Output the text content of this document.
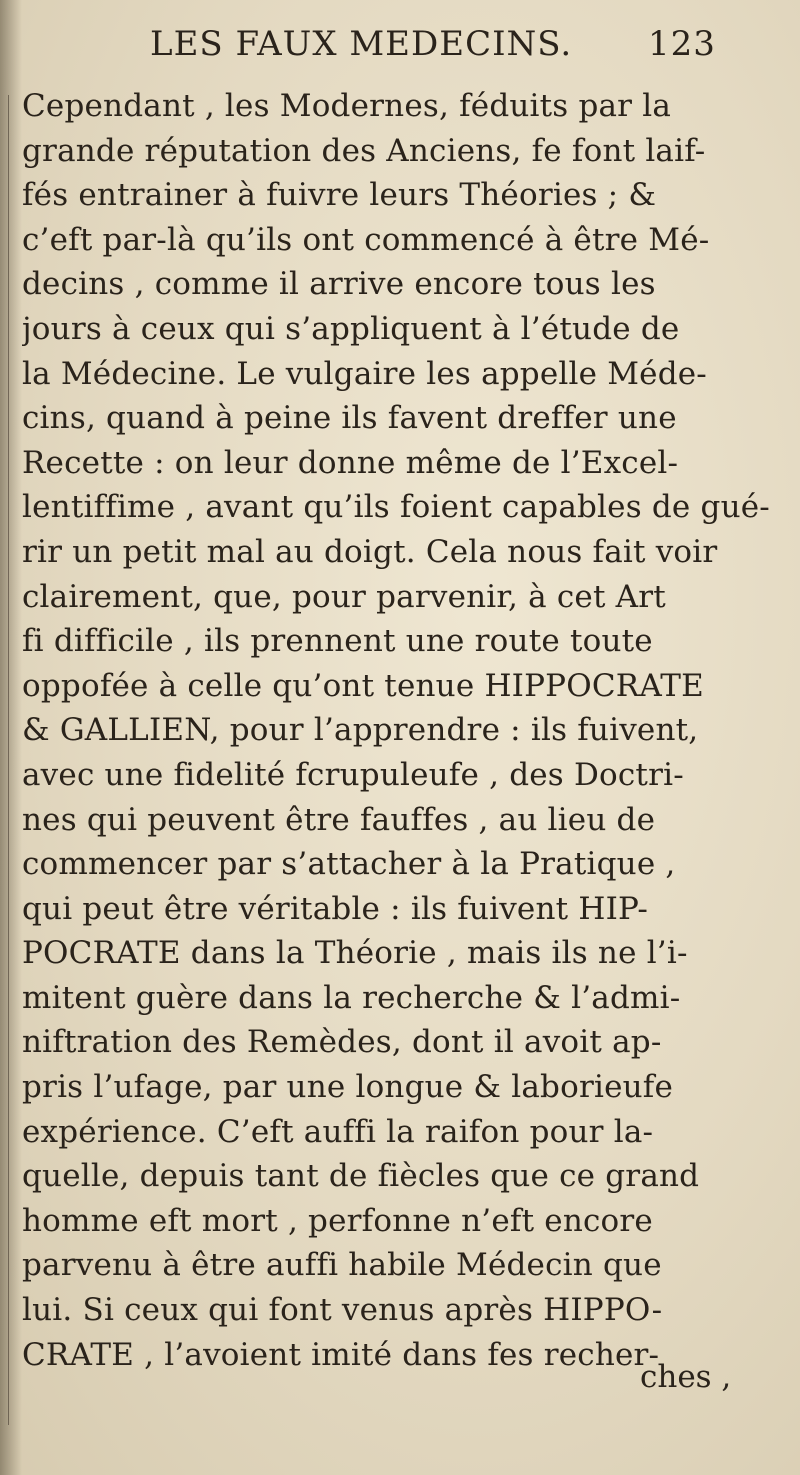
LES FAUX MEDECINS. 123
Cependant , les Modernes, féduits par la
grande réputation des Anciens, fe font laif-
fés entrainer à fuivre leurs Théories ; &
c’eft par-là qu’ils ont commencé à être Mé-
decins , comme il arrive encore tous les
jours à ceux qui s’appliquent à l’étude de
la Médecine. Le vulgaire les appelle Méde-
cins, quand à peine ils favent dreffer une
Recette : on leur donne même de l’Excel-
lentiffime , avant qu’ils foient capables de gué-
rir un petit mal au doigt. Cela nous fait voir
clairement, que, pour parvenir, à cet Art
fi difficile , ils prennent une route toute
oppofée à celle qu’ont tenue HIPPOCRATE
& GALLIEN, pour l’apprendre : ils fuivent,
avec une fidelité fcrupuleufe , des Doctri-
nes qui peuvent être fauffes , au lieu de
commencer par s’attacher à la Pratique ,
qui peut être véritable : ils fuivent HIP-
POCRATE dans la Théorie , mais ils ne l’i-
mitent guère dans la recherche & l’admi-
niftration des Remèdes, dont il avoit ap-
pris l’ufage, par une longue & laborieufe
expérience. C’eft auffi la raifon pour la-
quelle, depuis tant de fiècles que ce grand
homme eft mort , perfonne n’eft encore
parvenu à être auffi habile Médecin que
lui. Si ceux qui font venus après HIPPO-
CRATE , l’avoient imité dans fes recher-
ches ,
